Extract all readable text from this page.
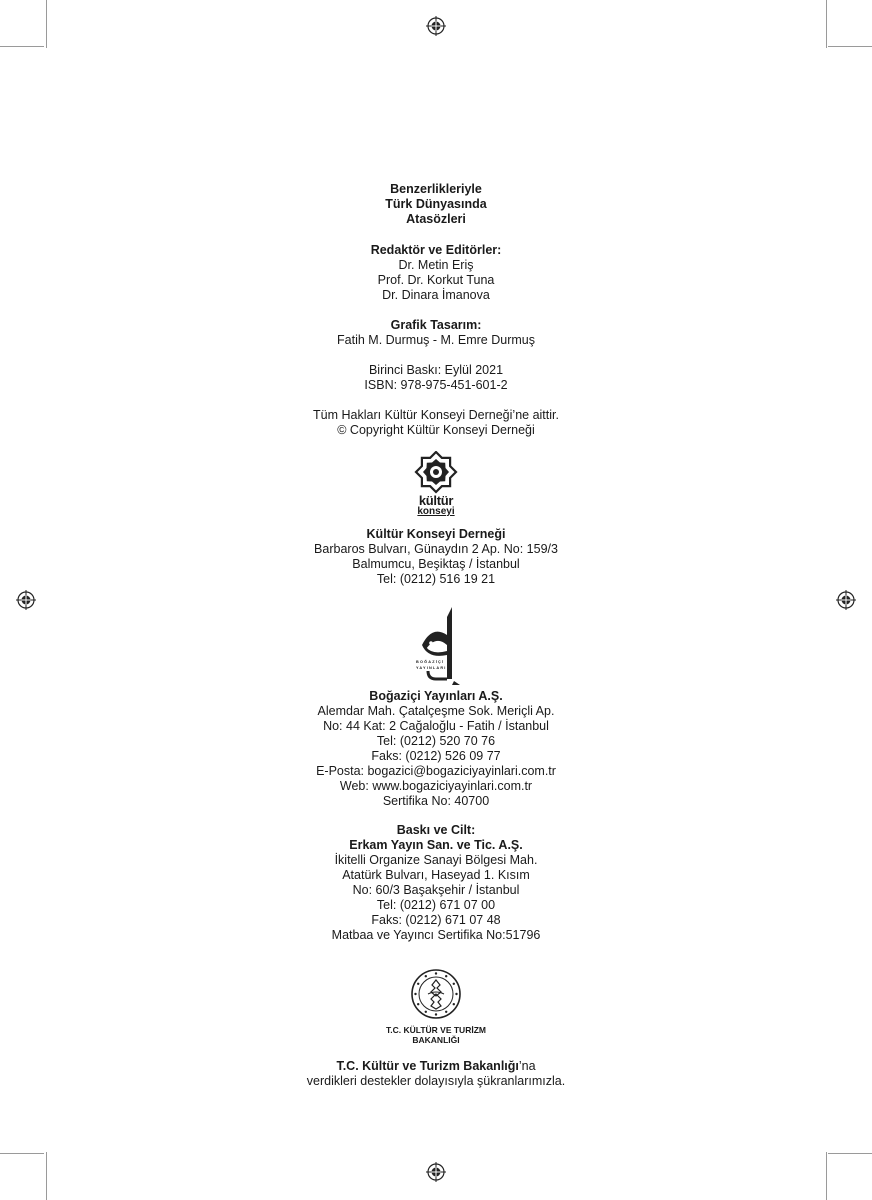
Benzerlikleriyle
Türk Dünyasında
Atasözleri
Redaktör ve Editörler:
Dr. Metin Eriş
Prof. Dr. Korkut Tuna
Dr. Dinara İmanova
Grafik Tasarım:
Fatih M. Durmuş - M. Emre Durmuş
Birinci Baskı: Eylül 2021
ISBN: 978-975-451-601-2
Tüm Hakları Kültür Konseyi Derneği’ne aittir.
© Copyright Kültür Konseyi Derneği
kültür
konseyi
Kültür Konseyi Derneği
Barbaros Bulvarı, Günaydın 2 Ap. No: 159/3
Balmumcu, Beşiktaş / İstanbul
Tel: (0212) 516 19 21
BOĞAZİÇİ
YAYINLARI
Boğaziçi Yayınları A.Ş.
Alemdar Mah. Çatalçeşme Sok. Meriçli Ap.
No: 44 Kat: 2 Cağaloğlu - Fatih / İstanbul
Tel: (0212) 520 70 76
Faks: (0212) 526 09 77
E-Posta: bogazici@bogaziciyayinlari.com.tr
Web: www.bogaziciyayinlari.com.tr
Sertifika No: 40700
Baskı ve Cilt:
Erkam Yayın San. ve Tic. A.Ş.
İkitelli Organize Sanayi Bölgesi Mah.
Atatürk Bulvarı, Haseyad 1. Kısım
No: 60/3 Başakşehir / İstanbul
Tel: (0212) 671 07 00
Faks: (0212) 671 07 48
Matbaa ve Yayıncı Sertifika No:51796
T.C. KÜLTÜR VE TURİZM
BAKANLIĞI
T.C. Kültür ve Turizm Bakanlığı’na
verdikleri destekler dolayısıyla şükranlarımızla.
